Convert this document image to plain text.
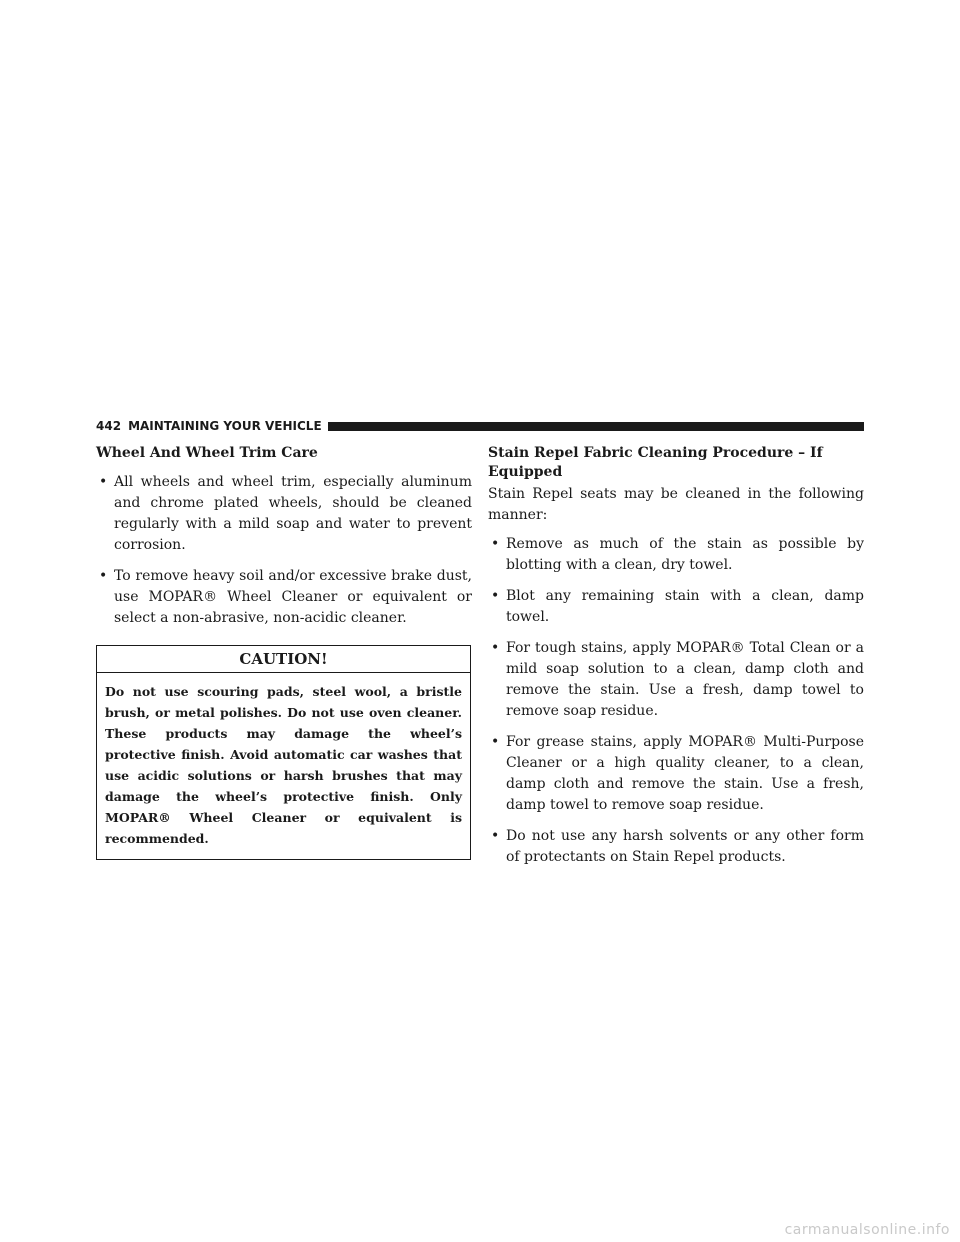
442 MAINTAINING YOUR VEHICLE
Wheel And Wheel Trim Care
• All wheels and wheel trim, especially aluminum and chrome plated wheels, should be cleaned regularly with a mild soap and water to prevent corrosion.
• To remove heavy soil and/or excessive brake dust, use MOPAR® Wheel Cleaner or equivalent or select a non-abrasive, non-acidic cleaner.
CAUTION!
Do not use scouring pads, steel wool, a bristle brush, or metal polishes. Do not use oven cleaner. These products may damage the wheel’s protective finish. Avoid automatic car washes that use acidic solutions or harsh brushes that may damage the wheel’s protective finish. Only MOPAR® Wheel Cleaner or equivalent is recommended.
Stain Repel Fabric Cleaning Procedure – If Equipped

Stain Repel seats may be cleaned in the following manner:

• Remove as much of the stain as possible by blotting with a clean, dry towel.
• Blot any remaining stain with a clean, damp towel.
• For tough stains, apply MOPAR® Total Clean or a mild soap solution to a clean, damp cloth and remove the stain. Use a fresh, damp towel to remove soap residue.
• For grease stains, apply MOPAR® Multi-Purpose Cleaner or a high quality cleaner, to a clean, damp cloth and remove the stain. Use a fresh, damp towel to remove soap residue.
• Do not use any harsh solvents or any other form of protectants on Stain Repel products.
carmanualsonline.info
